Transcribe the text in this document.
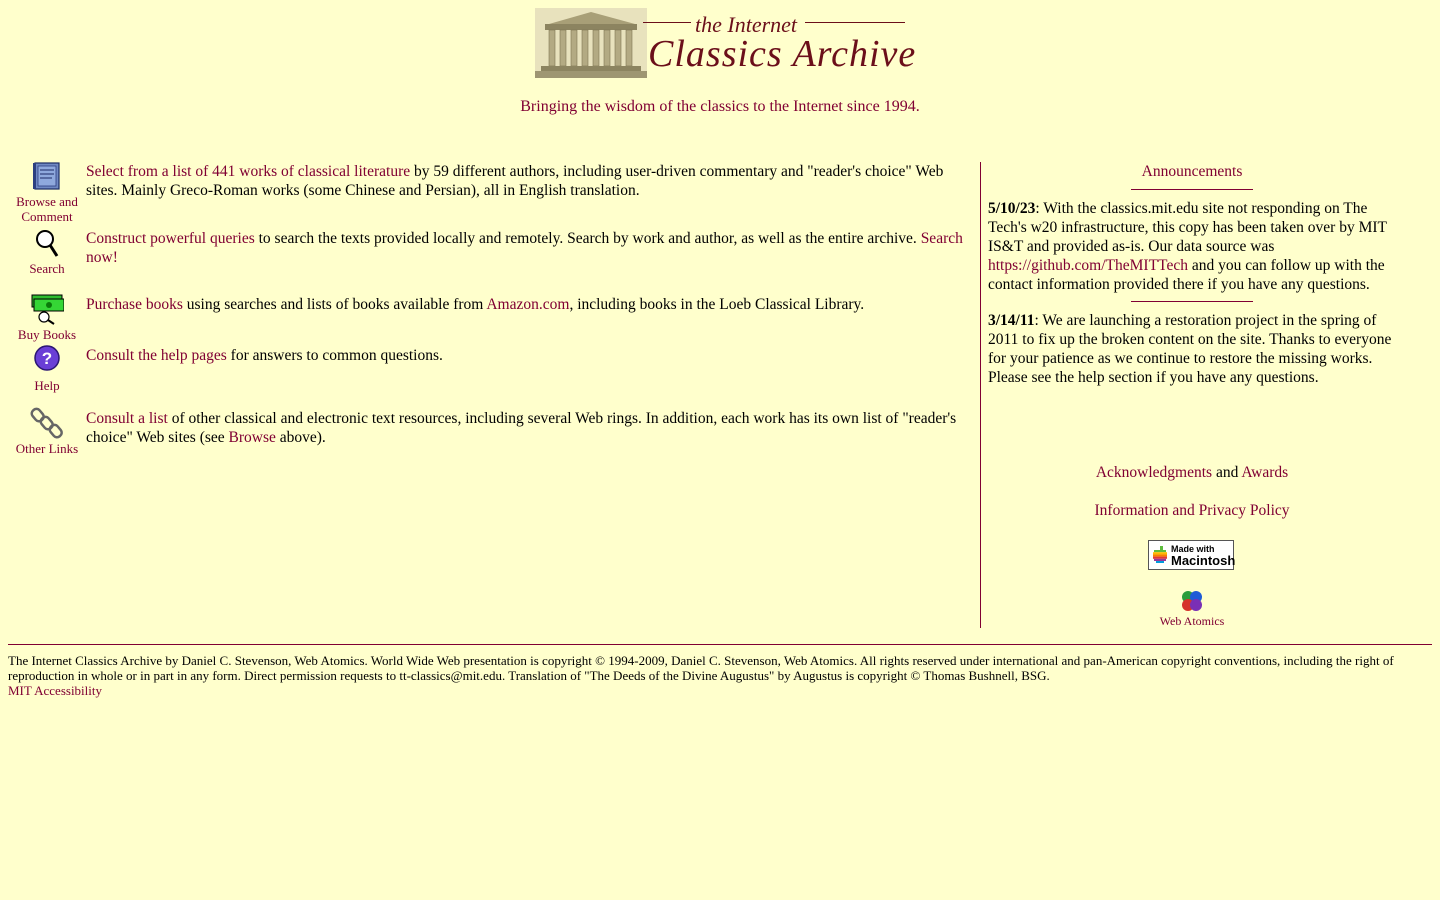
the Internet
Classics Archive
Bringing the wisdom of the classics to the Internet since 1994.
Browse and
Comment
Select from a list of 441 works of classical literature by 59 different authors, including user-driven commentary and "reader's choice" Web sites. Mainly Greco-Roman works (some Chinese and Persian), all in English translation.
Search
Construct powerful queries to search the texts provided locally and remotely. Search by work and author, as well as the entire archive. Search now!
Buy Books
Purchase books using searches and lists of books available from Amazon.com, including books in the Loeb Classical Library.
?
Help
Consult the help pages for answers to common questions.
Other Links
Consult a list of other classical and electronic text resources, including several Web rings. In addition, each work has its own list of "reader's choice" Web sites (see Browse above).
Announcements

5/10/23: With the classics.mit.edu site not responding on The Tech's w20 infrastructure, this copy has been taken over by MIT IS&T and provided as-is. Our data source was https://github.com/TheMITTech and you can follow up with the contact information provided there if you have any questions.

3/14/11: We are launching a restoration project in the spring of 2011 to fix up the broken content on the site. Thanks to everyone for your patience as we continue to restore the missing works. Please see the help section if you have any questions.

Acknowledgments and Awards
Information and Privacy Policy
Made with
Macintosh
Web Atomics
The Internet Classics Archive by Daniel C. Stevenson, Web Atomics. World Wide Web presentation is copyright © 1994-2009, Daniel C. Stevenson, Web Atomics. All rights reserved under international and pan-American copyright conventions, including the right of reproduction in whole or in part in any form. Direct permission requests to tt-classics@mit.edu. Translation of "The Deeds of the Divine Augustus" by Augustus is copyright © Thomas Bushnell, BSG.
MIT Accessibility
